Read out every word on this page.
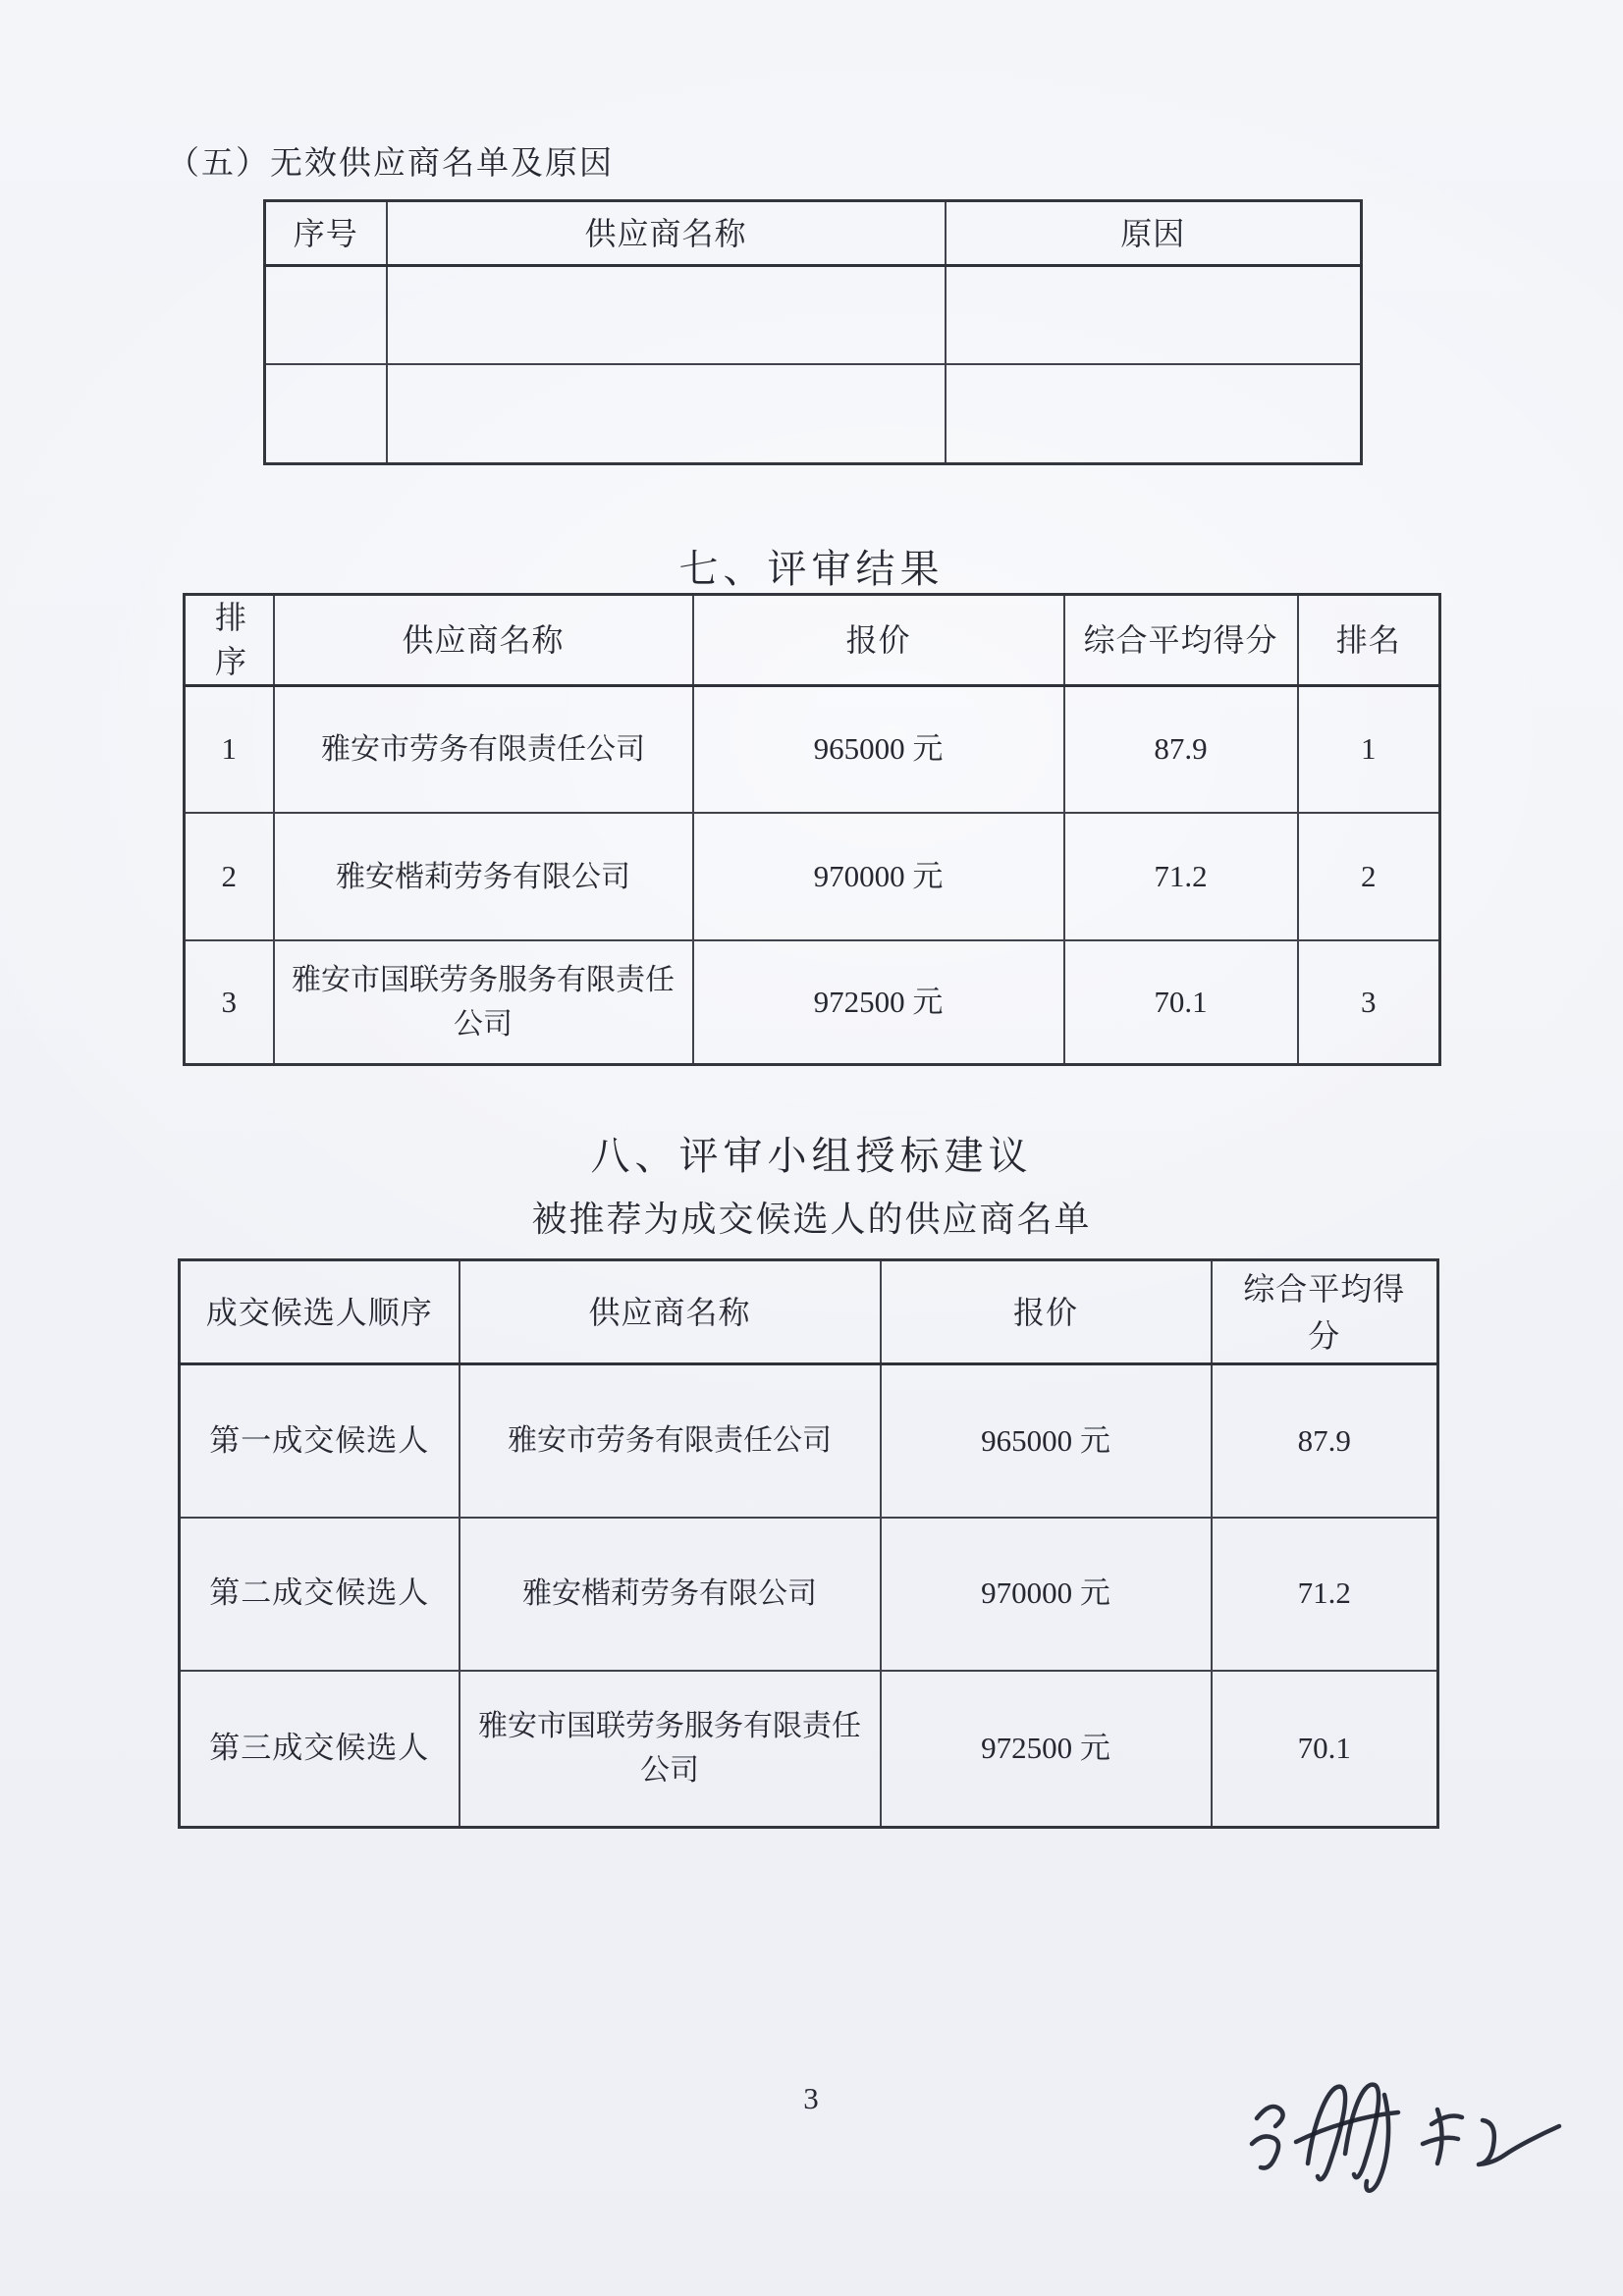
（五）无效供应商名单及原因
序号	供应商名称	原因

七、评审结果
排序	供应商名称	报价	综合平均得分	排名
1	雅安市劳务有限责任公司	965000 元	87.9	1
2	雅安楷莉劳务有限公司	970000 元	71.2	2
3	雅安市国联劳务服务有限责任公司	972500 元	70.1	3
八、评审小组授标建议
被推荐为成交候选人的供应商名单
成交候选人顺序	供应商名称	报价	综合平均得分
第一成交候选人	雅安市劳务有限责任公司	965000 元	87.9
第二成交候选人	雅安楷莉劳务有限公司	970000 元	71.2
第三成交候选人	雅安市国联劳务服务有限责任公司	972500 元	70.1
3
